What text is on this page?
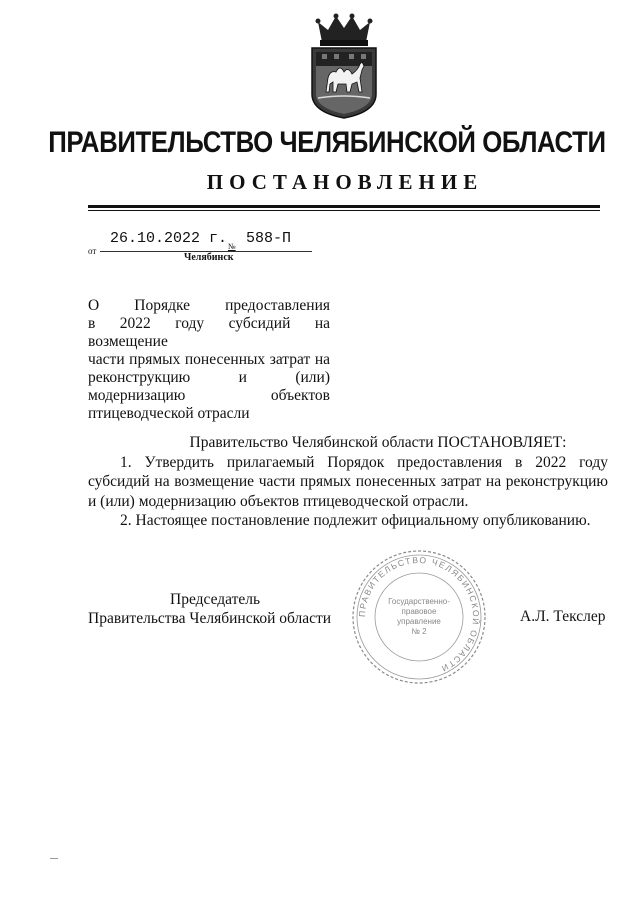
ПРАВИТЕЛЬСТВО ЧЕЛЯБИНСКОЙ ОБЛАСТИ
ПОСТАНОВЛЕНИЕ
от
26.10.2022 г. № 588-П
Челябинск
О Порядке предоставления
в 2022 году субсидий на возмещение
части прямых понесенных затрат на
реконструкцию и (или)
модернизацию объектов
птицеводческой отрасли
Правительство Челябинской области ПОСТАНОВЛЯЕТ:
1. Утвердить прилагаемый Порядок предоставления в 2022 году субсидий на возмещение части прямых понесенных затрат на реконструкцию и (или) модернизацию объектов птицеводческой отрасли.
2. Настоящее постановление подлежит официальному опубликованию.
ПРАВИТЕЛЬСТВО ЧЕЛЯБИНСКОЙ ОБЛАСТИ
Государственно-
правовое
управление
№ 2
Председатель
Правительства Челябинской области	А.Л. Текслер
